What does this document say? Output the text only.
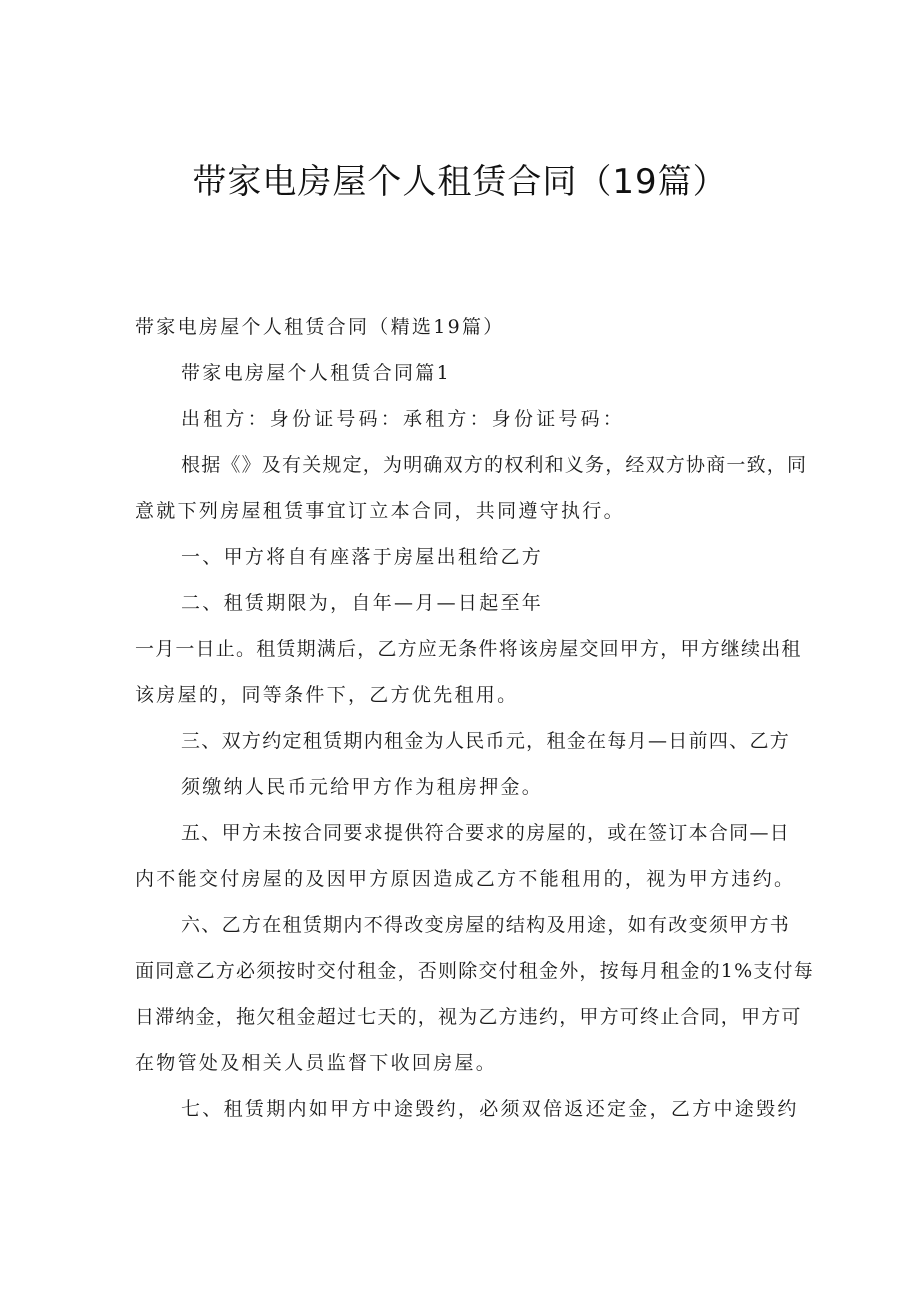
带家电房屋个人租赁合同（19篇）
带家电房屋个人租赁合同（精选19篇）
带家电房屋个人租赁合同篇1
出租方：身份证号码：承租方：身份证号码：
根据《》及有关规定，为明确双方的权利和义务，经双方协商一致，同
意就下列房屋租赁事宜订立本合同，共同遵守执行。
一、甲方将自有座落于房屋出租给乙方
二、租赁期限为，自年—月—日起至年
一月一日止。租赁期满后，乙方应无条件将该房屋交回甲方，甲方继续出租
该房屋的，同等条件下，乙方优先租用。
三、双方约定租赁期内租金为人民币元，租金在每月—日前四、乙方
须缴纳人民币元给甲方作为租房押金。
五、甲方未按合同要求提供符合要求的房屋的，或在签订本合同—日
内不能交付房屋的及因甲方原因造成乙方不能租用的，视为甲方违约。
六、乙方在租赁期内不得改变房屋的结构及用途，如有改变须甲方书
面同意乙方必须按时交付租金，否则除交付租金外，按每月租金的1%支付每
日滞纳金，拖欠租金超过七天的，视为乙方违约，甲方可终止合同，甲方可
在物管处及相关人员监督下收回房屋。
七、租赁期内如甲方中途毁约，必须双倍返还定金，乙方中途毁约
